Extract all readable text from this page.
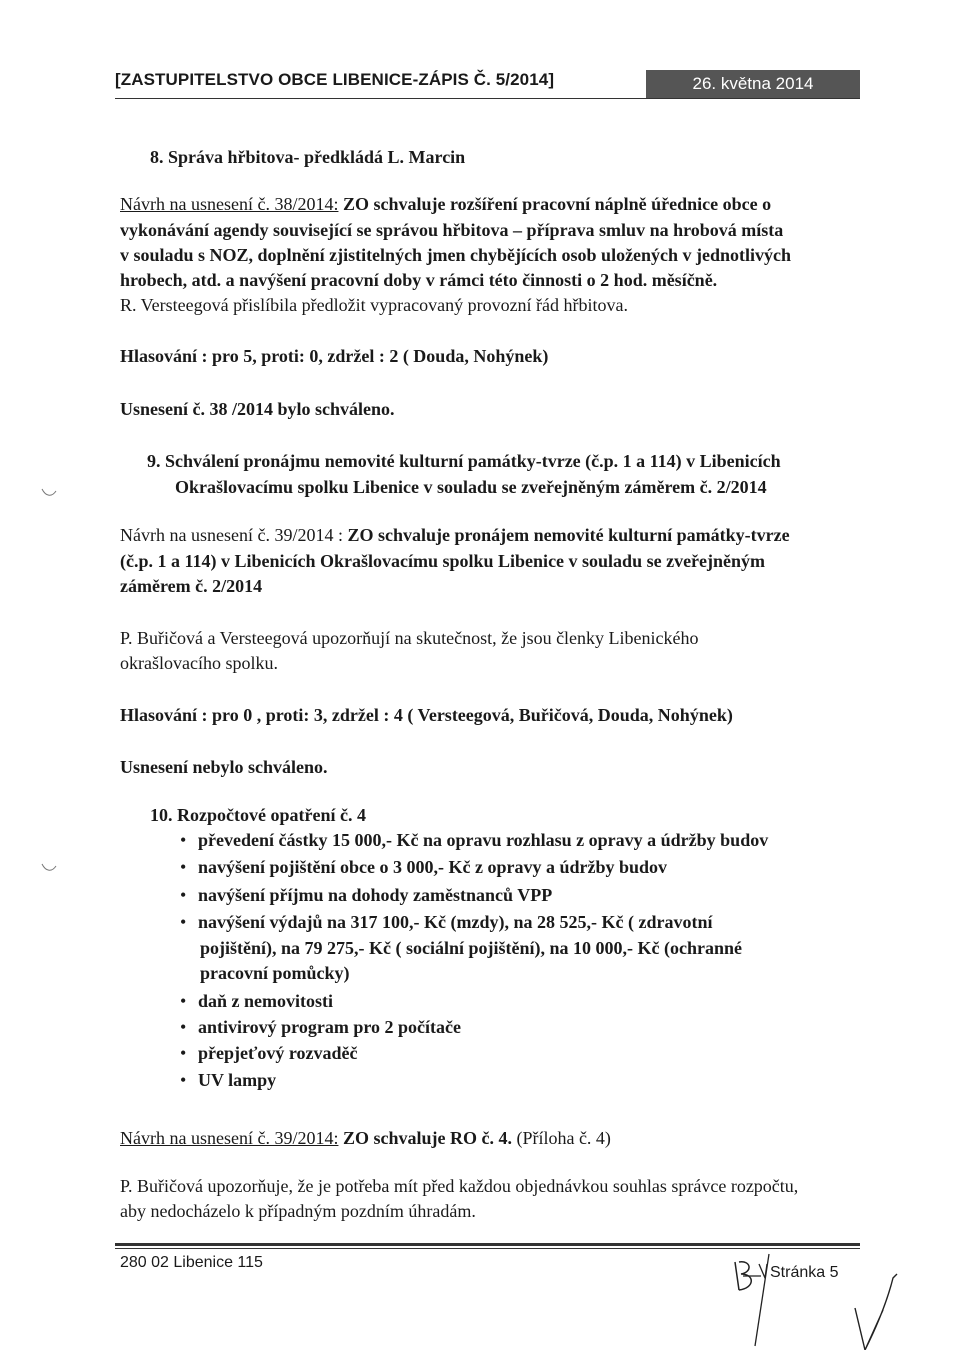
[ZASTUPITELSTVO OBCE LIBENICE-ZÁPIS Č. 5/2014]	26. května 2014
8. Správa hřbitova- předkládá L. Marcin
Návrh na usnesení č. 38/2014: ZO schvaluje rozšíření pracovní náplně úřednice obce o
vykonávání agendy související se správou hřbitova – příprava smluv na hrobová místa
v souladu s NOZ, doplnění zjistitelných jmen chybějících osob uložených v jednotlivých
hrobech, atd. a navýšení pracovní doby v rámci této činnosti o 2 hod. měsíčně.
R. Versteegová přislíbila předložit vypracovaný provozní řád hřbitova.
Hlasování : pro 5, proti: 0, zdržel : 2 ( Douda, Nohýnek)
Usnesení č. 38 /2014 bylo schváleno.
9. Schválení pronájmu nemovité kulturní památky-tvrze (č.p. 1 a 114) v Libenicích
Okrašlovacímu spolku Libenice v souladu se zveřejněným záměrem č. 2/2014
Návrh na usnesení č. 39/2014 : ZO schvaluje pronájem nemovité kulturní památky-tvrze
(č.p. 1 a 114) v Libenicích Okrašlovacímu spolku Libenice v souladu se zveřejněným
záměrem č. 2/2014
P. Buřičová a Versteegová upozorňují na skutečnost, že jsou členky Libenického
okrašlovacího spolku.
Hlasování : pro 0 , proti: 3, zdržel : 4 ( Versteegová, Buřičová, Douda, Nohýnek)
Usnesení nebylo schváleno.
10. Rozpočtové opatření č. 4
• převedení částky 15 000,- Kč na opravu rozhlasu z opravy a údržby budov
• navýšení pojištění obce o 3 000,- Kč z opravy a údržby budov
• navýšení příjmu na dohody zaměstnanců VPP
• navýšení výdajů na 317 100,- Kč (mzdy), na 28 525,- Kč ( zdravotní
pojištění), na 79 275,- Kč ( sociální pojištění), na 10 000,- Kč (ochranné
pracovní pomůcky)
• daň z nemovitosti
• antivirový program pro 2 počítače
• přepjeťový rozvaděč
• UV lampy
Návrh na usnesení č. 39/2014: ZO schvaluje RO č. 4. (Příloha č. 4)
P. Buřičová upozorňuje, že je potřeba mít před každou objednávkou souhlas správce rozpočtu,
aby nedocházelo k případným pozdním úhradám.
280 02 Libenice 115
Stránka 5
